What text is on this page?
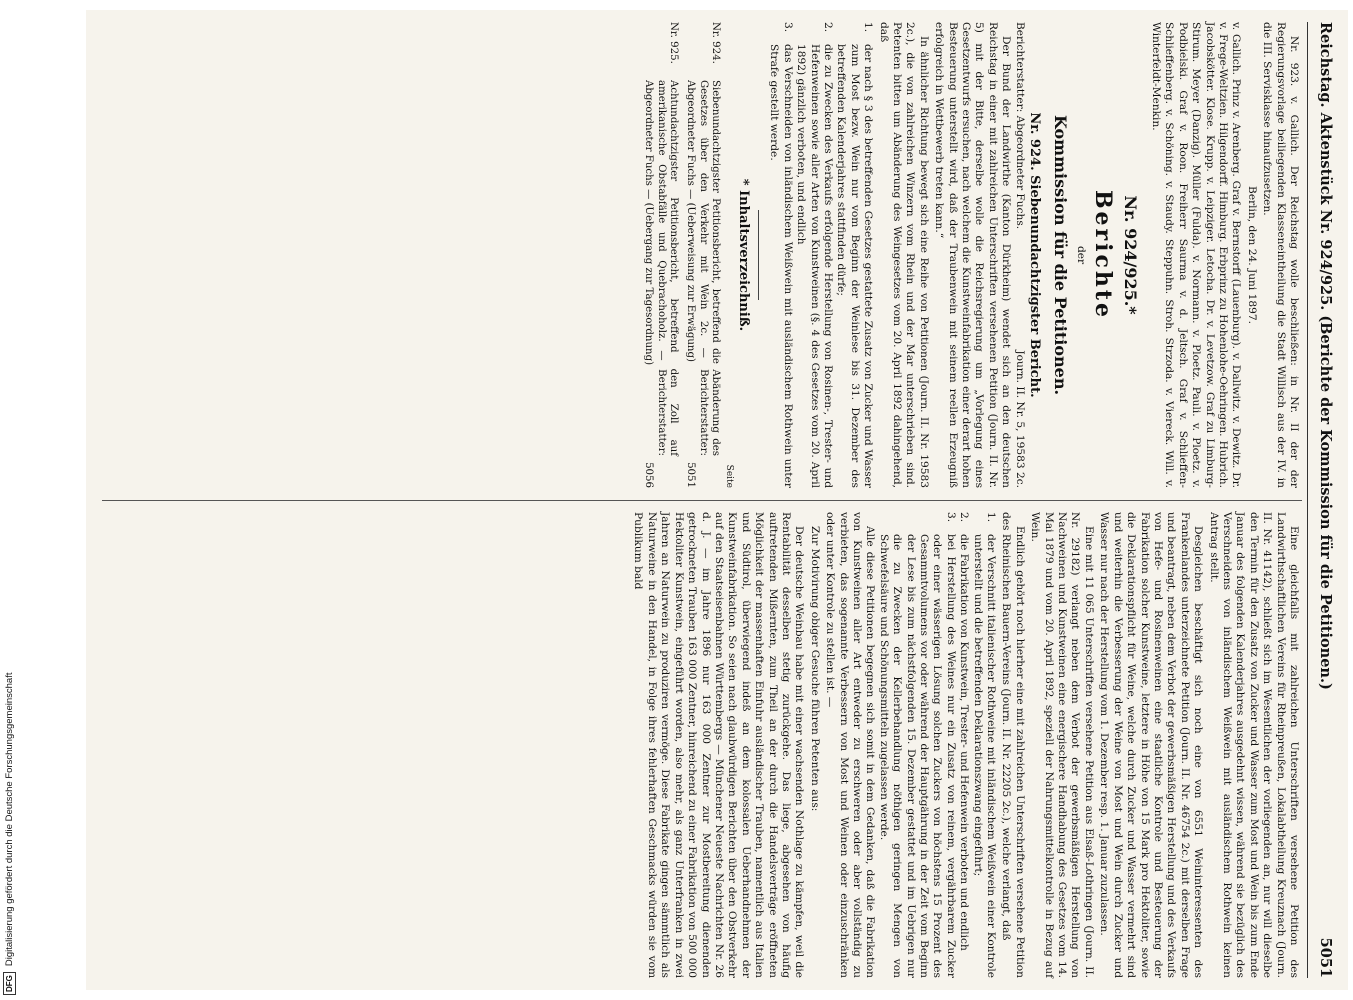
DFGDigitalisierung gefördert durch die Deutsche Forschungsgemeinschaft
Reichstag. Aktenstück Nr. 924/925. (Berichte der Kommission für die Petitionen.)
5051

Nr. 923. v. Gallich. Der Reichstag wolle beschließen: in Nr. II der der Regierungsvorlage beiliegenden Klasseneintheilung die Stadt Willisch aus der IV. in die III. Servisklasse hinaufzusetzen.

Berlin, den 24. Juni 1897.

v. Gallich. Prinz v. Arenberg. Graf v. Bernstorff (Lauenburg). v. Dallwitz. v. Dewitz. Dr. v. Frege-Weltzien. Hilgendorff. Himburg. Erbprinz zu Hohenlohe-Oehringen. Hubrich. Jacobskötter. Klose. Krupp. v. Leipziger. Letocha. Dr. v. Levetzow. Graf zu Limburg-Stirum. Meyer (Danzig). Müller (Fulda). v. Normann. v. Ploetz. Pauli. v. Ploetz. v. Podbielski. Graf v. Roon. Freiherr Saurma v. d. Jeltsch. Graf v. Schlieffen-Schlieffenberg. v. Schöning. v. Staudy. Steppuhn. Stroh. Strzoda. v. Viereck. Will. v. Winterfeldt-Menkin.

Nr. 924/925.*

Berichte

der

Kommission für die Petitionen.

Nr. 924. Siebenundachtzigster Bericht.

Berichterstatter: Abgeordneter Fuchs.
Journ. II. Nr. 5, 19583 2c.

Der Bund der Landwirthe (Kanton Dürkheim) wendet sich an den deutschen Reichstag in einer mit zahlreichen Unterschriften versehenen Petition (Journ. II. Nr. 5) mit der Bitte, derselbe wolle die Reichsregierung um „Vorlegung eines Gesetzentwurfs ersuchen, nach welchem die Kunstweinfabrikation einer derart hohen Besteuerung unterstellt wird, daß der Traubenwein mit seinem reellen Erzeugniß erfolgreich in Wettbewerb treten kann.“

In ähnlicher Richtung bewegt sich eine Reihe von Petitionen (Journ. II. Nr. 19583 2c.), die von zahlreichen Winzern vom Rhein und der Mar unterschrieben sind. Petenten bitten um Abänderung des Weingesetzes vom 20. April 1892 dahingehend, daß

1.
der nach § 3 des betreffenden Gesetzes gestattete Zusatz von Zucker und Wasser zum Most bezw. Wein nur vom Beginn der Weinlese bis 31. Dezember des betreffenden Kalenderjahres stattfinden dürfe;
2.
die zu Zwecken des Verkaufs erfolgende Herstellung von Rosinen-, Trester- und Hefenweinen sowie aller Arten von Kunstweinen (§. 4 des Gesetzes vom 20. April 1892) gänzlich verboten, und endlich
3.
das Verschneiden von inländischem Weißwein mit ausländischem Rothwein unter Strafe gestellt werde.

* Inhaltsverzeichniß.

Seite
Nr. 924.
Siebenundachtzigster Petitionsbericht, betreffend die Abänderung des Gesetzes über den Verkehr mit Wein 2c. — Berichterstatter: Abgeordneter Fuchs — (Ueberweisung zur Erwägung)
5051
Nr. 925.
Achtundachtzigster Petitionsbericht, betreffend den Zoll auf amerikanische Obstabfälle und Quebrachoholz. — Berichterstatter: Abgeordneter Fuchs — (Uebergang zur Tagesordnung)
5056

Eine gleichfalls mit zahlreichen Unterschriften versehene Petition des Landwirthschaftlichen Vereins für Rheinpreußen, Lokalabtheilung Kreuznach (Journ. II. Nr. 41142), schließt sich im Wesentlichen der vorliegenden an, nur will dieselbe den Termin für den Zusatz von Zucker und Wasser zum Most und Wein bis zum Ende Januar des folgenden Kalenderjahres ausgedehnt wissen, während sie bezüglich des Verschneidens von inländischem Weißwein mit ausländischem Rothwein keinen Antrag stellt.

Desgleichen beschäftigt sich noch eine von 6551 Weininteressenten des Frankenlandes unterzeichnete Petition (Journ. II. Nr. 46754 2c.) mit derselben Frage und beantragt, neben dem Verbot der gewerbsmäßigen Herstellung und des Verkaufs von Hefe- und Rosinenweinen eine staatliche Kontrole und Besteuerung der Fabrikation solcher Kunstweine, letztere in Höhe von 15 Mark pro Hektoliter, sowie die Deklarationspflicht für Weine, welche durch Zucker und Wasser vermehrt sind und weiterhin die Verbesserung der Weine von Most und Wein durch Zucker und Wasser nur nach der Herstellung vom 1. Dezember resp. 1. Januar zuzulassen.

Eine mit 11 065 Unterschriften versehene Petition aus Elsaß-Lothringen (Journ. II. Nr. 29182) verlangt neben dem Verbot der gewerbsmäßigen Herstellung von Nachweinen und Kunstweinen eine energischere Handhabung des Gesetzes vom 14. Mai 1879 und vom 20. April 1892, speziell der Nahrungsmittelkontrolle in Bezug auf Wein.

Endlich gehört noch hierher eine mit zahlreichen Unterschriften versehene Petition des Rheinischen Bauern-Vereins (Journ. II. Nr. 22205 2c.), welche verlangt, daß

1.
der Verschnitt italienischer Rothweine mit inländischem Weißwein einer Kontrole unterstellt und die betreffenden Deklarationszwang eingeführt;
2.
die Fabrikation von Kunstwein, Trester- und Hefenwein verboten und endlich
3.
bei Herstellung des Weines nur ein Zusatz von reinem, vergährbarem Zucker oder einer wässerigen Lösung solchen Zuckers von höchstens 15 Prozent des Gesammtvolumens vor oder während der Hauptgährung in der Zeit vom Beginn der Lese bis zum nächstfolgenden 15. Dezember gestattet und im Uebrigen nur die zu Zwecken der Kellerbehandlung nöthigen geringen Mengen von Schwefelsäure und Schönungsmitteln zugelassen werde.

Alle diese Petitionen begegnen sich somit in dem Gedanken, daß die Fabrikation von Kunstweinen aller Art entweder zu erschweren oder aber vollständig zu verbieten, das sogenannte Verbessern von Most und Weinen oder einzuschränken oder unter Kontrole zu stellen ist. —

Zur Motivirung obiger Gesuche führen Petenten aus:

Der deutsche Weinbau habe mit einer wachsenden Nothlage zu kämpfen, weil die Rentabilität desselben stetig zurückgehe. Das liege, abgesehen von häufig auftretenden Mißernten, zum Theil an der durch die Handelsverträge eröffneten Möglichkeit der massenhaften Einfuhr ausländischer Trauben, namentlich aus Italien und Südtirol, überwiegend indeß an dem kolossalen Ueberhandnehmen der Kunstweinfabrikation. So seien nach glaubwürdigen Berichten über den Obstverkehr auf den Staatseisenbahnen Württembergs — Münchener Neueste Nachrichten Nr. 26 d. J. — im Jahre 1896 nur 163 000 Zentner zur Mostbereitung dienenden getrockneten Trauben 163 000 Zentner, hinreichend zu einer Fabrikation von 500 000 Hektoliter Kunstwein, eingeführt worden, also mehr, als ganz Unterfranken in zwei Jahren an Naturwein zu produziren vermöge. Diese Fabrikate gingen sämmtlich als Naturweine in den Handel, in Folge ihres fehlerhaften Geschmacks würden sie vom Publikum bald
